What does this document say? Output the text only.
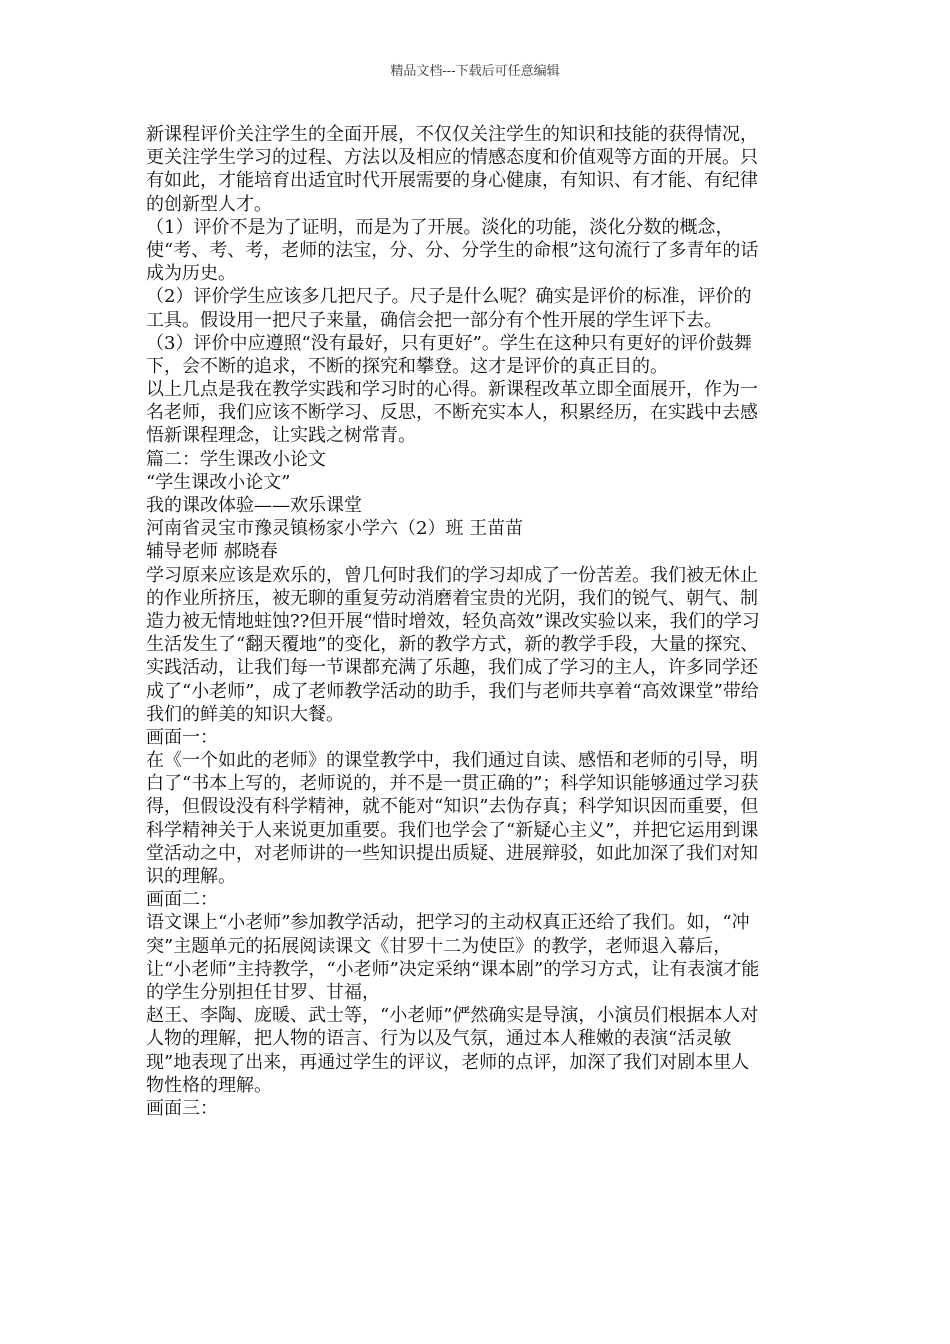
精品文档---下载后可任意编辑
新课程评价关注学生的全面开展，不仅仅关注学生的知识和技能的获得情况，
更关注学生学习的过程、方法以及相应的情感态度和价值观等方面的开展。只
有如此，才能培育出适宜时代开展需要的身心健康，有知识、有才能、有纪律
的创新型人才。
（1）评价不是为了证明，而是为了开展。淡化的功能，淡化分数的概念，
使“考、考、考，老师的法宝，分、分、分学生的命根”这句流行了多青年的话
成为历史。
（2）评价学生应该多几把尺子。尺子是什么呢？确实是评价的标准，评价的
工具。假设用一把尺子来量，确信会把一部分有个性开展的学生评下去。
（3）评价中应遵照“没有最好，只有更好”。学生在这种只有更好的评价鼓舞
下，会不断的追求，不断的探究和攀登。这才是评价的真正目的。
以上几点是我在教学实践和学习时的心得。新课程改革立即全面展开，作为一
名老师，我们应该不断学习、反思，不断充实本人，积累经历，在实践中去感
悟新课程理念，让实践之树常青。
篇二：学生课改小论文
“学生课改小论文”
我的课改体验——欢乐课堂
河南省灵宝市豫灵镇杨家小学六（2）班 王苗苗
辅导老师 郝晓春
学习原来应该是欢乐的，曾几何时我们的学习却成了一份苦差。我们被无休止
的作业所挤压，被无聊的重复劳动消磨着宝贵的光阴，我们的锐气、朝气、制
造力被无情地蛀蚀??但开展“惜时增效，轻负高效”课改实验以来，我们的学习
生活发生了“翻天覆地”的变化，新的教学方式，新的教学手段，大量的探究、
实践活动，让我们每一节课都充满了乐趣，我们成了学习的主人，许多同学还
成了“小老师”，成了老师教学活动的助手，我们与老师共享着“高效课堂”带给
我们的鲜美的知识大餐。
画面一：
在《一个如此的老师》的课堂教学中，我们通过自读、感悟和老师的引导，明
白了“书本上写的，老师说的，并不是一贯正确的”；科学知识能够通过学习获
得，但假设没有科学精神，就不能对“知识”去伪存真；科学知识因而重要，但
科学精神关于人来说更加重要。我们也学会了“新疑心主义”，并把它运用到课
堂活动之中，对老师讲的一些知识提出质疑、进展辩驳，如此加深了我们对知
识的理解。
画面二：
语文课上“小老师”参加教学活动，把学习的主动权真正还给了我们。如，“冲
突”主题单元的拓展阅读课文《甘罗十二为使臣》的教学，老师退入幕后，
让“小老师”主持教学，“小老师”决定采纳“课本剧”的学习方式，让有表演才能
的学生分别担任甘罗、甘福，
赵王、李陶、庞暖、武士等，“小老师”俨然确实是导演，小演员们根据本人对
人物的理解，把人物的语言、行为以及气氛，通过本人稚嫩的表演“活灵敏
现”地表现了出来，再通过学生的评议，老师的点评，加深了我们对剧本里人
物性格的理解。
画面三：
